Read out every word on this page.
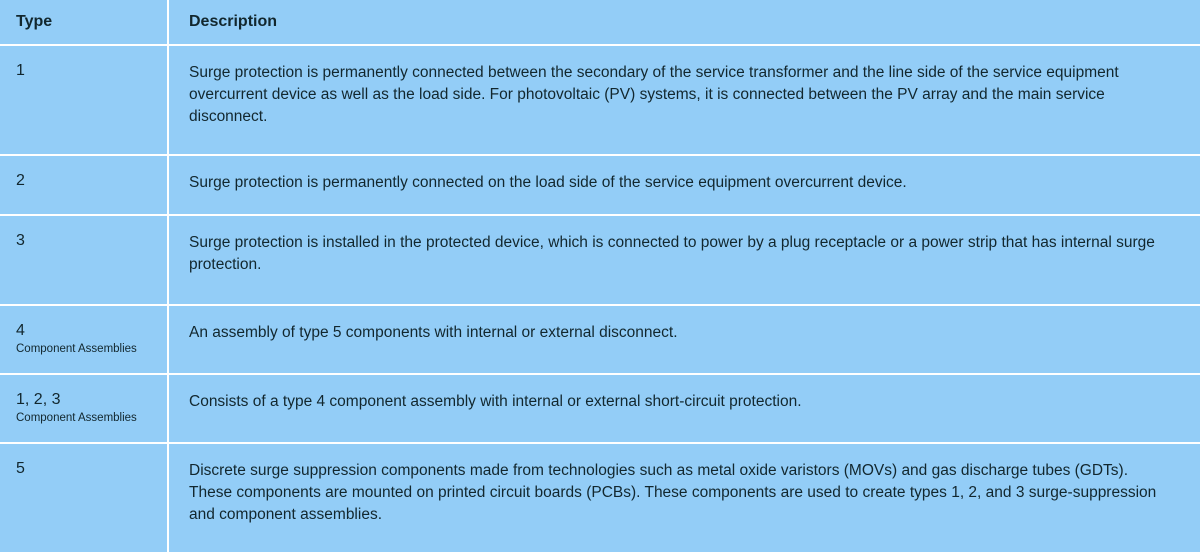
Type	Description

1	Surge protection is permanently connected between the secondary of the service transformer and the line side of the service equipment overcurrent device as well as the load side. For photovoltaic (PV) systems, it is connected between the PV array and the main service disconnect.

2	Surge protection is permanently connected on the load side of the service equipment overcurrent device.

3	Surge protection is installed in the protected device, which is connected to power by a plug receptacle or a power strip that has internal surge protection.

4
Component Assemblies	An assembly of type 5 components with internal or external disconnect.

1, 2, 3
Component Assemblies	Consists of a type 4 component assembly with internal or external short-circuit protection.

5	Discrete surge suppression components made from technologies such as metal oxide varistors (MOVs) and gas discharge tubes (GDTs). These components are mounted on printed circuit boards (PCBs). These components are used to create types 1, 2, and 3 surge-suppression and component assemblies.
